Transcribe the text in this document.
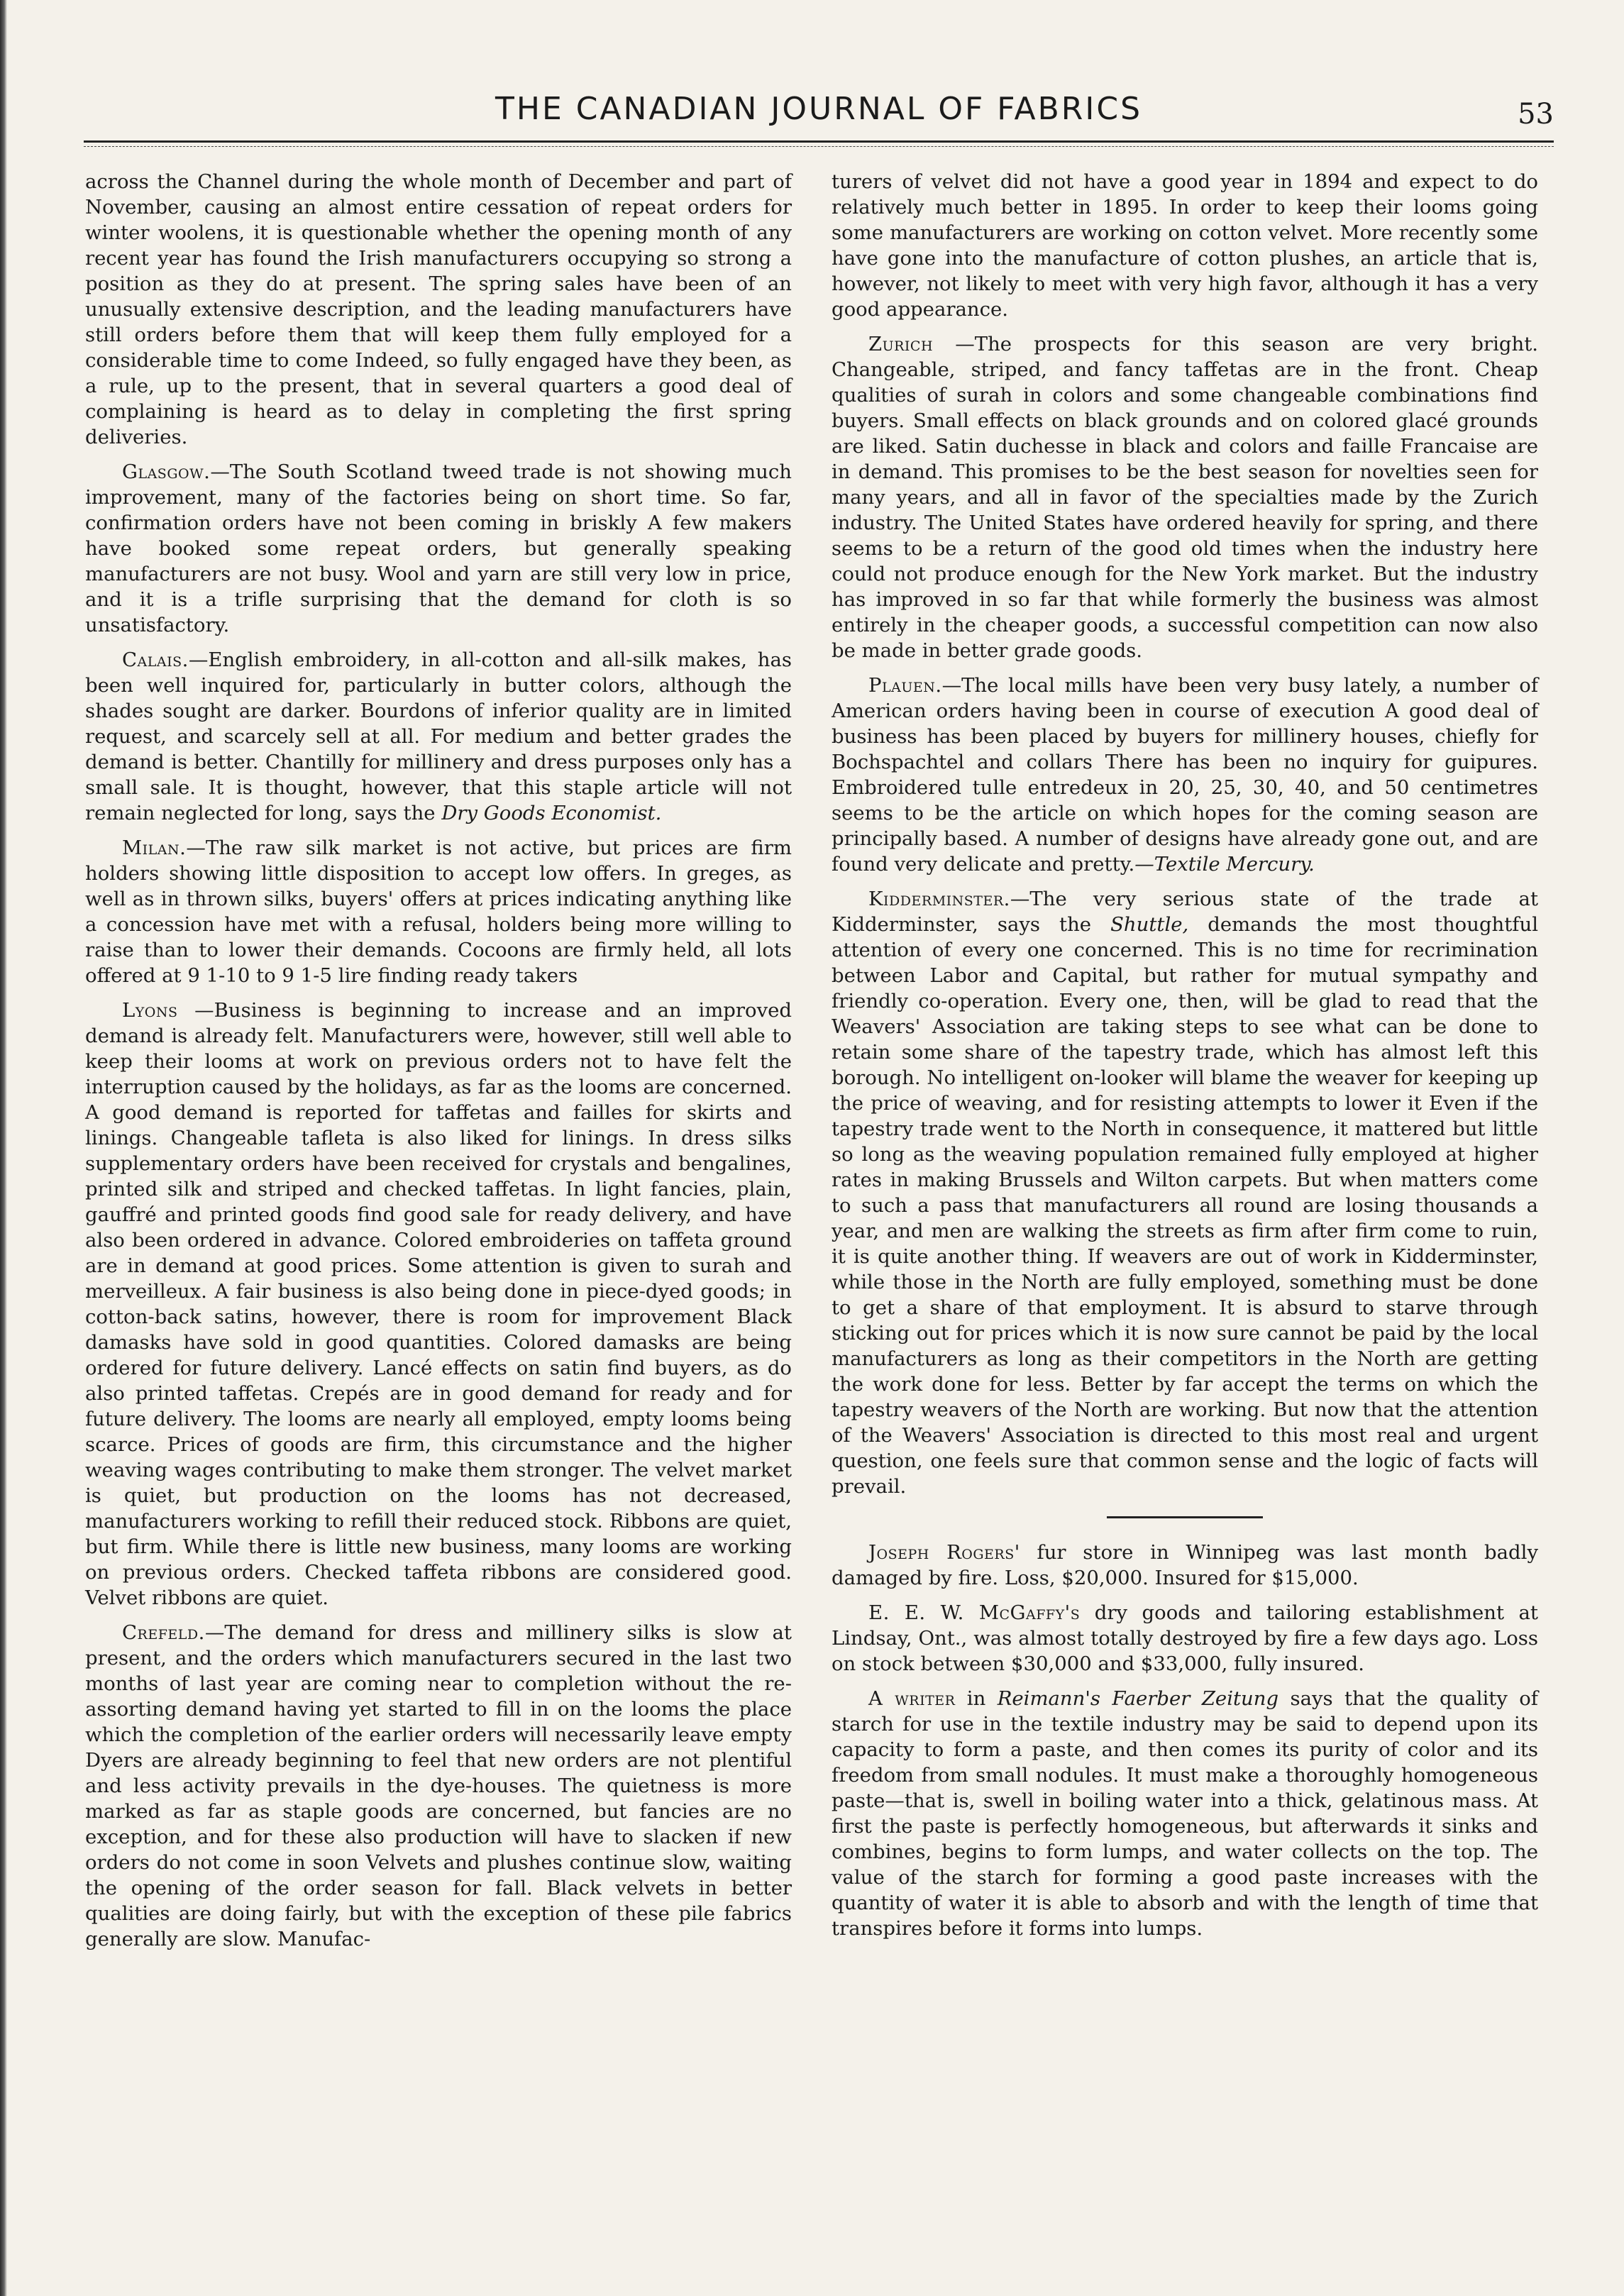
THE CANADIAN JOURNAL OF FABRICS	53

across the Channel during the whole month of December and part of November, causing an almost entire cessation of repeat orders for winter woolens, it is questionable whether the opening month of any recent year has found the Irish manufacturers occupying so strong a position as they do at present. The spring sales have been of an unusually extensive description, and the leading manufacturers have still orders before them that will keep them fully employed for a considerable time to come Indeed, so fully engaged have they been, as a rule, up to the present, that in several quarters a good deal of complaining is heard as to delay in completing the first spring deliveries.

Glasgow.—The South Scotland tweed trade is not showing much improvement, many of the factories being on short time. So far, confirmation orders have not been coming in briskly A few makers have booked some repeat orders, but generally speaking manufacturers are not busy. Wool and yarn are still very low in price, and it is a trifle surprising that the demand for cloth is so unsatisfactory.

Calais.—English embroidery, in all-cotton and all-silk makes, has been well inquired for, particularly in butter colors, although the shades sought are darker. Bourdons of inferior quality are in limited request, and scarcely sell at all. For medium and better grades the demand is better. Chantilly for millinery and dress purposes only has a small sale. It is thought, however, that this staple article will not remain neglected for long, says the Dry Goods Economist.

Milan.—The raw silk market is not active, but prices are firm holders showing little disposition to accept low offers. In greges, as well as in thrown silks, buyers' offers at prices indicating anything like a concession have met with a refusal, holders being more willing to raise than to lower their demands. Cocoons are firmly held, all lots offered at 9 1-10 to 9 1-5 lire finding ready takers

Lyons —Business is beginning to increase and an improved demand is already felt. Manufacturers were, however, still well able to keep their looms at work on previous orders not to have felt the interruption caused by the holidays, as far as the looms are concerned. A good demand is reported for taffetas and failles for skirts and linings. Changeable tafleta is also liked for linings. In dress silks supplementary orders have been received for crystals and bengalines, printed silk and striped and checked taffetas. In light fancies, plain, gauffré and printed goods find good sale for ready delivery, and have also been ordered in advance. Colored embroideries on taffeta ground are in demand at good prices. Some attention is given to surah and merveilleux. A fair business is also being done in piece-dyed goods; in cotton-back satins, however, there is room for improvement Black damasks have sold in good quantities. Colored damasks are being ordered for future delivery. Lancé effects on satin find buyers, as do also printed taffetas. Crepés are in good demand for ready and for future delivery. The looms are nearly all employed, empty looms being scarce. Prices of goods are firm, this circumstance and the higher weaving wages contributing to make them stronger. The velvet market is quiet, but production on the looms has not decreased, manufacturers working to refill their reduced stock. Ribbons are quiet, but firm. While there is little new business, many looms are working on previous orders. Checked taffeta ribbons are considered good. Velvet ribbons are quiet.

Crefeld.—The demand for dress and millinery silks is slow at present, and the orders which manufacturers secured in the last two months of last year are coming near to completion without the re-assorting demand having yet started to fill in on the looms the place which the completion of the earlier orders will necessarily leave empty Dyers are already beginning to feel that new orders are not plentiful and less activity prevails in the dye-houses. The quietness is more marked as far as staple goods are concerned, but fancies are no exception, and for these also production will have to slacken if new orders do not come in soon Velvets and plushes continue slow, waiting the opening of the order season for fall. Black velvets in better qualities are doing fairly, but with the exception of these pile fabrics generally are slow. Manufac-

turers of velvet did not have a good year in 1894 and expect to do relatively much better in 1895. In order to keep their looms going some manufacturers are working on cotton velvet. More recently some have gone into the manufacture of cotton plushes, an article that is, however, not likely to meet with very high favor, although it has a very good appearance.

Zurich —The prospects for this season are very bright. Changeable, striped, and fancy taffetas are in the front. Cheap qualities of surah in colors and some changeable combinations find buyers. Small effects on black grounds and on colored glacé grounds are liked. Satin duchesse in black and colors and faille Francaise are in demand. This promises to be the best season for novelties seen for many years, and all in favor of the specialties made by the Zurich industry. The United States have ordered heavily for spring, and there seems to be a return of the good old times when the industry here could not produce enough for the New York market. But the industry has improved in so far that while formerly the business was almost entirely in the cheaper goods, a successful competition can now also be made in better grade goods.

Plauen.—The local mills have been very busy lately, a number of American orders having been in course of execution A good deal of business has been placed by buyers for millinery houses, chiefly for Bochspachtel and collars There has been no inquiry for guipures. Embroidered tulle entredeux in 20, 25, 30, 40, and 50 centimetres seems to be the article on which hopes for the coming season are principally based. A number of designs have already gone out, and are found very delicate and pretty.—Textile Mercury.

Kidderminster.—The very serious state of the trade at Kidderminster, says the Shuttle, demands the most thoughtful attention of every one concerned. This is no time for recrimination between Labor and Capital, but rather for mutual sympathy and friendly co-operation. Every one, then, will be glad to read that the Weavers' Association are taking steps to see what can be done to retain some share of the tapestry trade, which has almost left this borough. No intelligent on-looker will blame the weaver for keeping up the price of weaving, and for resisting attempts to lower it Even if the tapestry trade went to the North in consequence, it mattered but little so long as the weaving population remained fully employed at higher rates in making Brussels and Wilton carpets. But when matters come to such a pass that manufacturers all round are losing thousands a year, and men are walking the streets as firm after firm come to ruin, it is quite another thing. If weavers are out of work in Kidderminster, while those in the North are fully employed, something must be done to get a share of that employment. It is absurd to starve through sticking out for prices which it is now sure cannot be paid by the local manufacturers as long as their competitors in the North are getting the work done for less. Better by far accept the terms on which the tapestry weavers of the North are working. But now that the attention of the Weavers' Association is directed to this most real and urgent question, one feels sure that common sense and the logic of facts will prevail.

Joseph Rogers' fur store in Winnipeg was last month badly damaged by fire. Loss, $20,000. Insured for $15,000.

E. E. W. McGaffy's dry goods and tailoring establishment at Lindsay, Ont., was almost totally destroyed by fire a few days ago. Loss on stock between $30,000 and $33,000, fully insured.

A writer in Reimann's Faerber Zeitung says that the quality of starch for use in the textile industry may be said to depend upon its capacity to form a paste, and then comes its purity of color and its freedom from small nodules. It must make a thoroughly homogeneous paste—that is, swell in boiling water into a thick, gelatinous mass. At first the paste is perfectly homogeneous, but afterwards it sinks and combines, begins to form lumps, and water collects on the top. The value of the starch for forming a good paste increases with the quantity of water it is able to absorb and with the length of time that transpires before it forms into lumps.
